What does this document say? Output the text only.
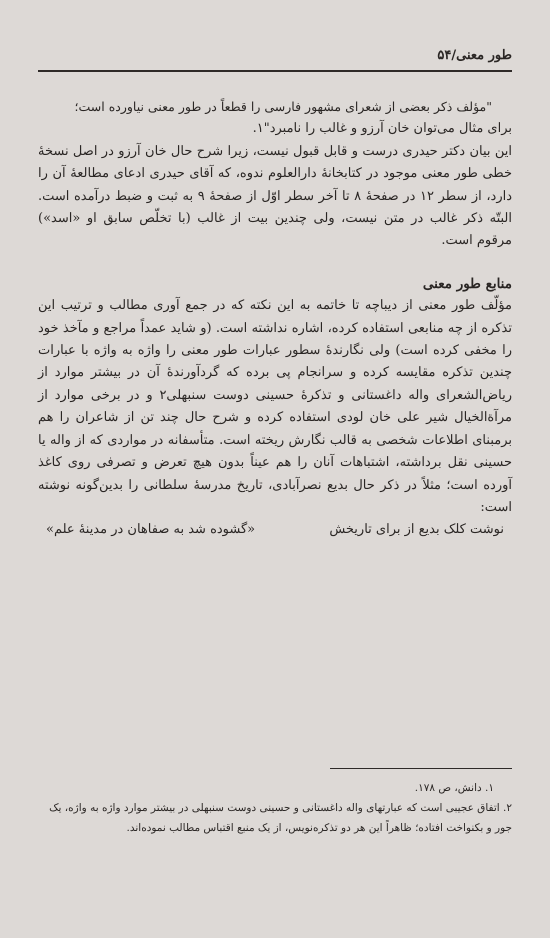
طور معنی/۵۴

"مؤلف ذکر بعضی از شعرای مشهور فارسی را قطعاً در طور معنی نیاورده است؛

برای مثال می‌توان خان آرزو و غالب را نامبرد"۱.

این بیان دکتر حیدری درست و قابل قبول نیست، زیرا شرح حال خان آرزو در اصل نسخهٔ خطی طور معنی موجود در کتابخانهٔ دارالعلوم ندوه، که آقای حیدری ادعای مطالعهٔ آن را دارد، از سطر ۱۲ در صفحهٔ ۸ تا آخر سطر اوّل از صفحهٔ ۹ به ثبت و ضبط درآمده است. البتّه ذکر غالب در متن نیست، ولی چندین بیت از غالب (با تخلّص سابق او «اسد») مرقوم است.

منابع طور معنی

مؤلّف طور معنی از دیباچه تا خاتمه به این نکته که در جمع آوری مطالب و ترتیب این تذکره از چه منابعی استفاده کرده، اشاره نداشته است. (و شاید عمداً مراجع و مآخذ خود را مخفی کرده است) ولی نگارندهٔ سطور عبارات طور معنی را واژه به واژه با عبارات چندین تذکره مقایسه کرده و سرانجام پی برده که گردآورندهٔ آن در بیشتر موارد از ریاض‌الشعرای واله داغستانی و تذکرهٔ حسینی دوست سنبهلی۲ و در برخی موارد از مرآة‌الخیال شیر علی خان لودی استفاده کرده و شرح حال چند تن از شاعران را هم برمبنای اطلاعات شخصی به قالب نگارش ریخته است. متأسفانه در مواردی که از واله یا حسینی نقل برداشته، اشتباهات آنان را هم عیناً بدون هیچ تعرض و تصرفی روی کاغذ آورده است؛ مثلاً در ذکر حال بدیع نصرآبادی، تاریخ مدرسهٔ سلطانی را بدین‌گونه نوشته است:

نوشت کلک بدیع از برای تاریخش
«گشوده شد به صفاهان در مدینهٔ علم»

۱. دانش، ص ۱۷۸.

۲. اتفاق عجیبی است که عبارتهای واله داغستانی و حسینی دوست سنبهلی در بیشتر موارد واژه به واژه، یک جور و بکنواخت افتاده؛ ظاهراً این هر دو تذکره‌نویس، از یک منبع اقتباس مطالب نموده‌اند.
